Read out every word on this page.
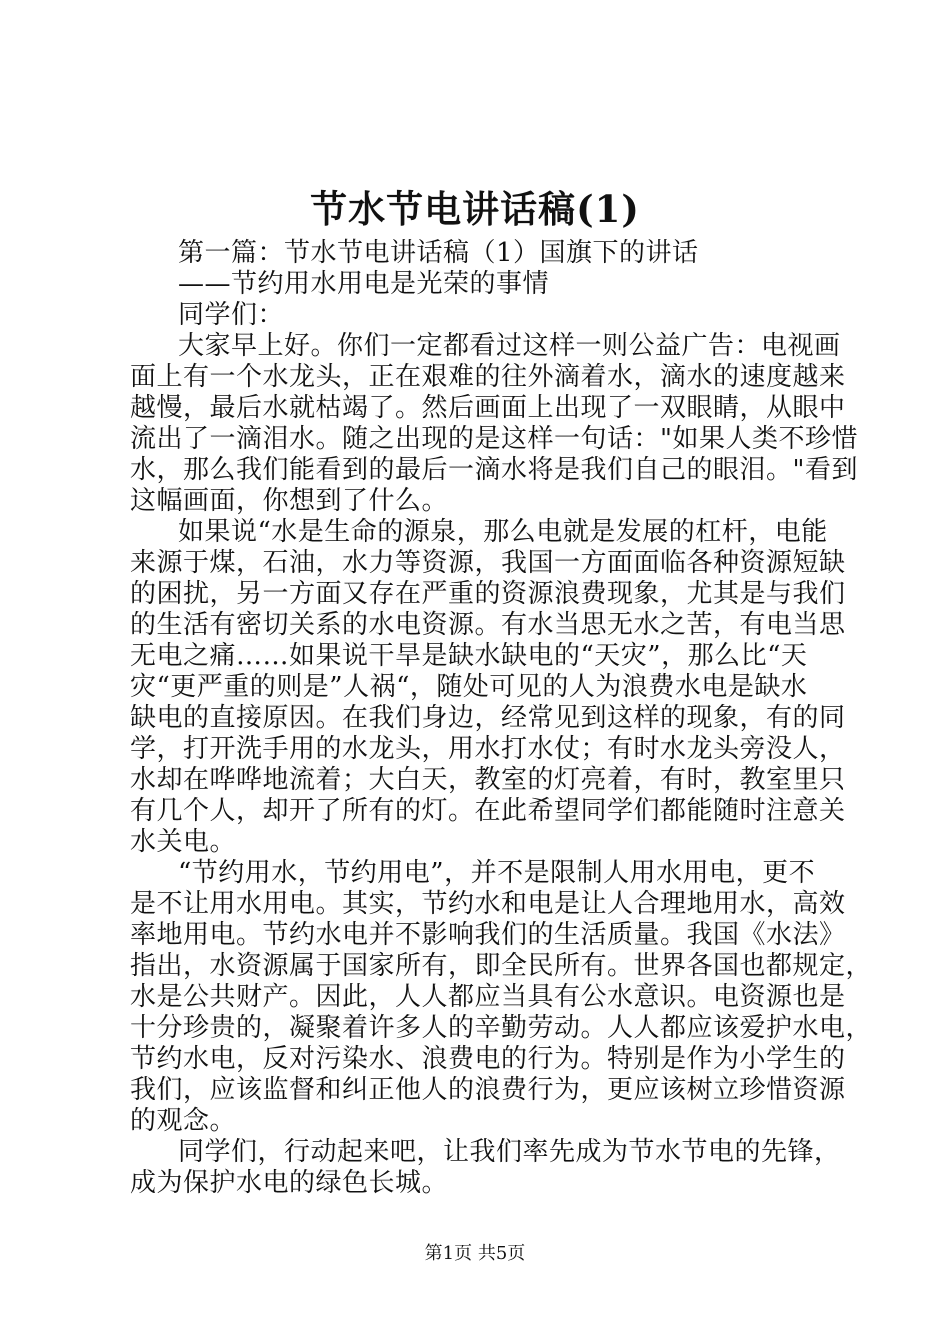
节水节电讲话稿(1)
第一篇：节水节电讲话稿（1）国旗下的讲话
——节约用水用电是光荣的事情
同学们：
大家早上好。你们一定都看过这样一则公益广告：电视画
面上有一个水龙头，正在艰难的往外滴着水，滴水的速度越来
越慢，最后水就枯竭了。然后画面上出现了一双眼睛，从眼中
流出了一滴泪水。随之出现的是这样一句话："如果人类不珍惜
水，那么我们能看到的最后一滴水将是我们自己的眼泪。"看到
这幅画面，你想到了什么。
如果说“水是生命的源泉，那么电就是发展的杠杆，电能
来源于煤，石油，水力等资源，我国一方面面临各种资源短缺
的困扰，另一方面又存在严重的资源浪费现象，尤其是与我们
的生活有密切关系的水电资源。有水当思无水之苦，有电当思
无电之痛……如果说干旱是缺水缺电的“天灾”，那么比“天
灾“更严重的则是”人祸“，随处可见的人为浪费水电是缺水
缺电的直接原因。在我们身边，经常见到这样的现象，有的同
学，打开洗手用的水龙头，用水打水仗；有时水龙头旁没人，
水却在哗哗地流着；大白天，教室的灯亮着，有时，教室里只
有几个人，却开了所有的灯。在此希望同学们都能随时注意关
水关电。
“节约用水，节约用电”，并不是限制人用水用电，更不
是不让用水用电。其实，节约水和电是让人合理地用水，高效
率地用电。节约水电并不影响我们的生活质量。我国《水法》
指出，水资源属于国家所有，即全民所有。世界各国也都规定，
水是公共财产。因此，人人都应当具有公水意识。电资源也是
十分珍贵的，凝聚着许多人的辛勤劳动。人人都应该爱护水电，
节约水电，反对污染水、浪费电的行为。特别是作为小学生的
我们，应该监督和纠正他人的浪费行为，更应该树立珍惜资源
的观念。
同学们，行动起来吧，让我们率先成为节水节电的先锋，
成为保护水电的绿色长城。
第1页 共5页
